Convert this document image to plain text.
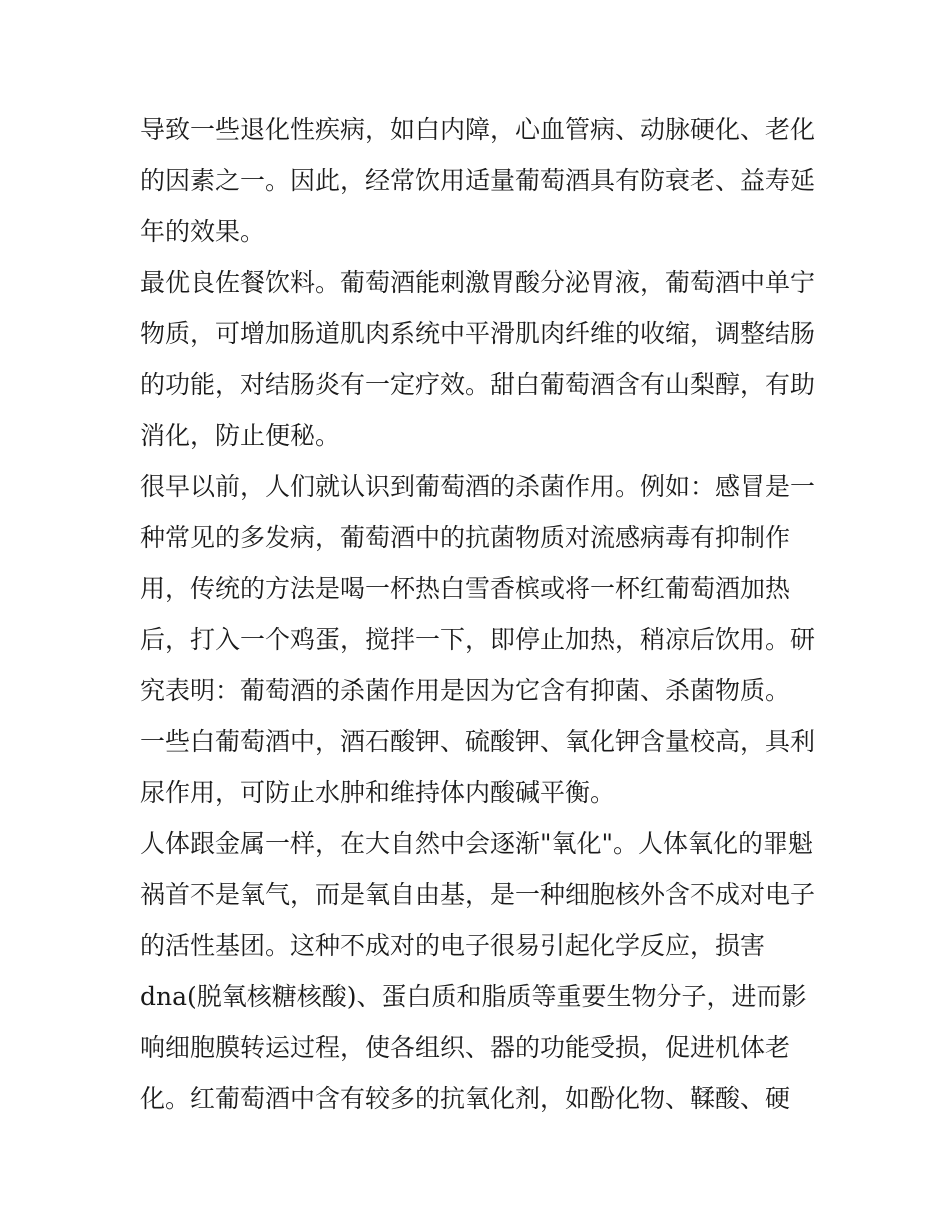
导致一些退化性疾病，如白内障，心血管病、动脉硬化、老化
的因素之一。因此，经常饮用适量葡萄酒具有防衰老、益寿延
年的效果。
最优良佐餐饮料。葡萄酒能刺激胃酸分泌胃液，葡萄酒中单宁
物质，可增加肠道肌肉系统中平滑肌肉纤维的收缩，调整结肠
的功能，对结肠炎有一定疗效。甜白葡萄酒含有山梨醇，有助
消化，防止便秘。
很早以前，人们就认识到葡萄酒的杀菌作用。例如：感冒是一
种常见的多发病，葡萄酒中的抗菌物质对流感病毒有抑制作
用，传统的方法是喝一杯热白雪香槟或将一杯红葡萄酒加热
后，打入一个鸡蛋，搅拌一下，即停止加热，稍凉后饮用。研
究表明：葡萄酒的杀菌作用是因为它含有抑菌、杀菌物质。
一些白葡萄酒中，酒石酸钾、硫酸钾、氧化钾含量校高，具利
尿作用，可防止水肿和维持体内酸碱平衡。
人体跟金属一样，在大自然中会逐渐"氧化"。人体氧化的罪魁
祸首不是氧气，而是氧自由基，是一种细胞核外含不成对电子
的活性基团。这种不成对的电子很易引起化学反应，损害
dna(脱氧核糖核酸)、蛋白质和脂质等重要生物分子，进而影
响细胞膜转运过程，使各组织、器的功能受损，促进机体老
化。红葡萄酒中含有较多的抗氧化剂，如酚化物、鞣酸、硬
